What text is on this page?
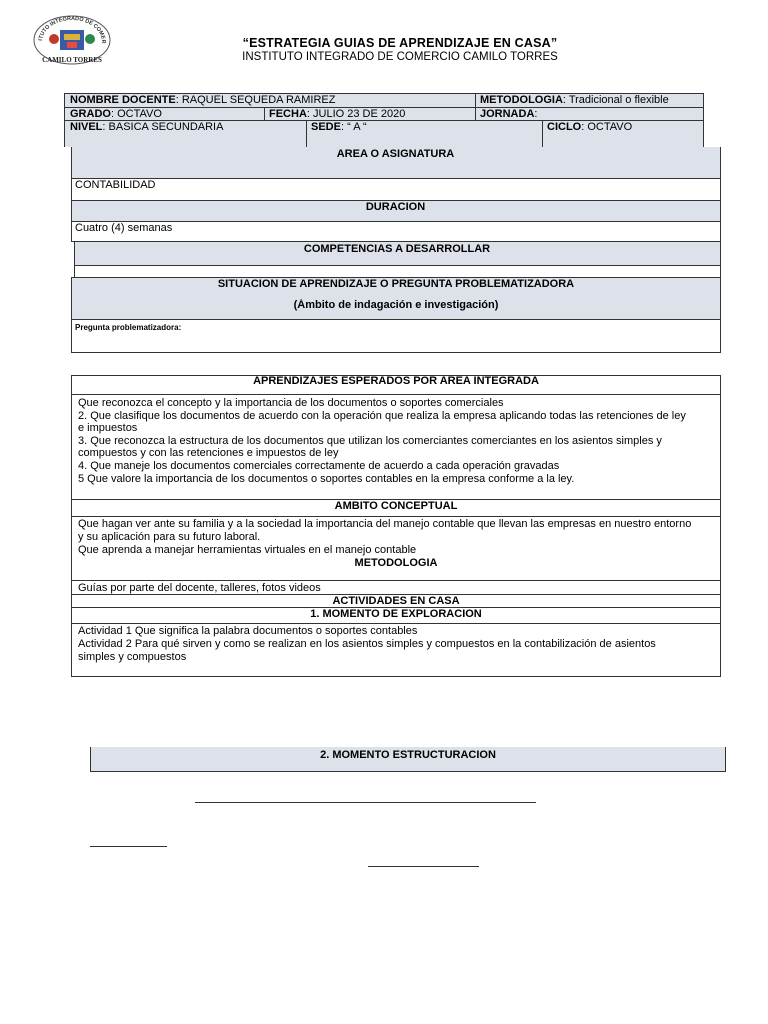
ITUTO INTEGRADO DE COMER
CAMILO TORRES
“ESTRATEGIA GUIAS DE APRENDIZAJE EN CASA”
INSTITUTO INTEGRADO DE COMERCIO CAMILO TORRES
NOMBRE DOCENTE: RAQUEL SEQUEDA RAMIREZ	METODOLOGIA: Tradicional o flexible
GRADO: OCTAVO	FECHA: JULIO 23 DE 2020	JORNADA:
NIVEL: BASICA SECUNDARIA	SEDE: “ A “	CICLO: OCTAVO
AREA O ASIGNATURA
CONTABILIDAD
DURACION
Cuatro (4) semanas
COMPETENCIAS A DESARROLLAR
SITUACION DE APRENDIZAJE O PREGUNTA PROBLEMATIZADORA
(Ámbito de indagación e investigación)
Pregunta problematizadora:
APRENDIZAJES ESPERADOS POR AREA INTEGRADA
Que reconozca el concepto y la importancia de los documentos o soportes comerciales
2. Que clasifique los documentos de acuerdo con la operación que realiza la empresa aplicando todas las retenciones de ley
e impuestos
3. Que reconozca la estructura de los documentos que utilizan los comerciantes comerciantes en los asientos simples y
compuestos y con las retenciones e impuestos de ley
4. Que maneje los documentos comerciales correctamente de acuerdo a cada operación gravadas
5 Que valore la importancia de los documentos o soportes contables en la empresa conforme a la ley.
AMBITO CONCEPTUAL
Que hagan ver ante su familia y a la sociedad la importancia del manejo contable que llevan las empresas en nuestro entorno
y su aplicación para su futuro laboral.
Que aprenda a manejar herramientas virtuales en el manejo contable
METODOLOGIA
Guías por parte del docente, talleres, fotos videos
ACTIVIDADES EN CASA
1. MOMENTO DE EXPLORACION
Actividad 1 Que significa la palabra documentos o soportes contables
Actividad 2 Para qué sirven y como se realizan en los asientos simples y compuestos en la contabilización de asientos
simples y compuestos
2. MOMENTO ESTRUCTURACION
